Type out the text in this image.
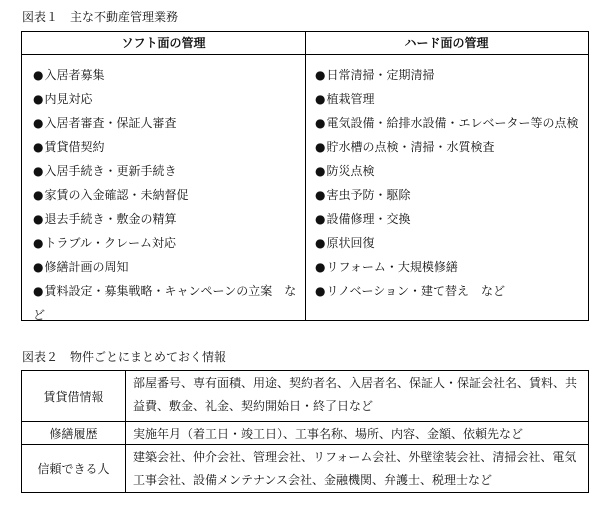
図表１　主な不動産管理業務
ソフト面の管理	ハード面の管理
●入居者募集
●内見対応
●入居者審査・保証人審査
●賃貸借契約
●入居手続き・更新手続き
●家賃の入金確認・未納督促
●退去手続き・敷金の精算
●トラブル・クレーム対応
●修繕計画の周知
●賃料設定・募集戦略・キャンペーンの立案　など
●日常清掃・定期清掃
●植栽管理
●電気設備・給排水設備・エレベーター等の点検
●貯水槽の点検・清掃・水質検査
●防災点検
●害虫予防・駆除
●設備修理・交換
●原状回復
●リフォーム・大規模修繕
●リノベーション・建て替え　など
図表２　物件ごとにまとめておく情報
賃貸借情報
部屋番号、専有面積、用途、契約者名、入居者名、保証人・保証会社名、賃料、共益費、敷金、礼金、契約開始日・終了日など
修繕履歴	実施年月（着工日・竣工日）、工事名称、場所、内容、金額、依頼先など
信頼できる人
建築会社、仲介会社、管理会社、リフォーム会社、外壁塗装会社、清掃会社、電気工事会社、設備メンテナンス会社、金融機関、弁護士、税理士など
